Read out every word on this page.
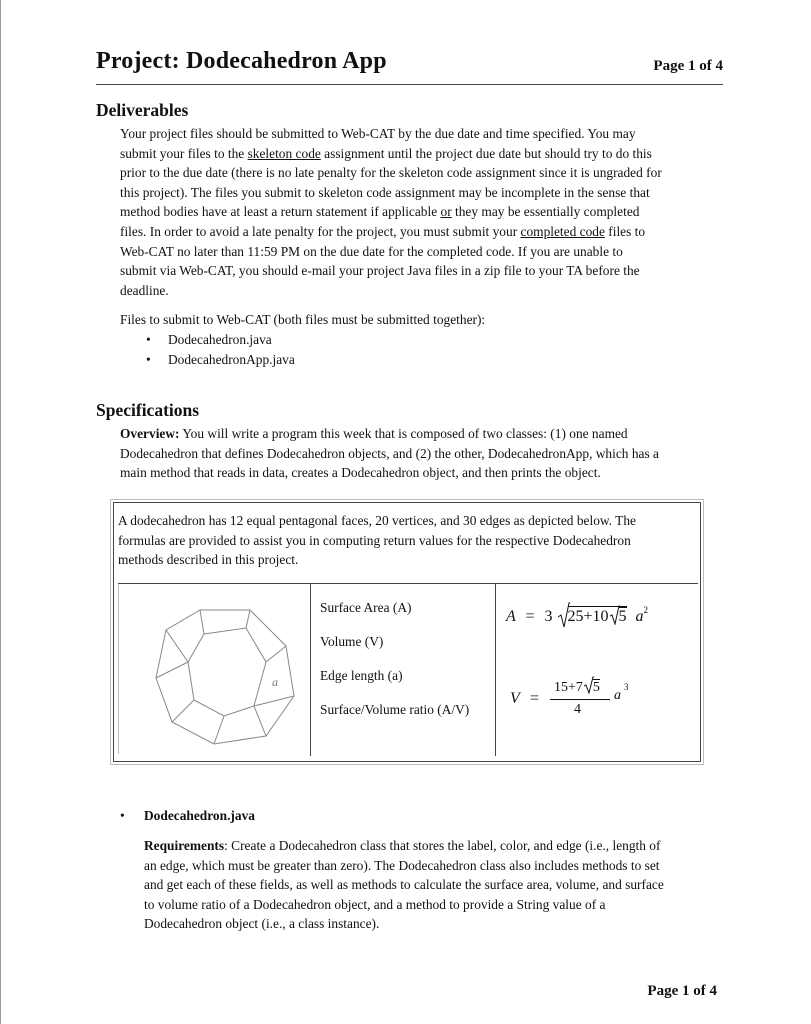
Project: Dodecahedron App	Page 1 of 4
Deliverables
Your project files should be submitted to Web-CAT by the due date and time specified. You may
submit your files to the skeleton code assignment until the project due date but should try to do this
prior to the due date (there is no late penalty for the skeleton code assignment since it is ungraded for
this project). The files you submit to skeleton code assignment may be incomplete in the sense that
method bodies have at least a return statement if applicable or they may be essentially completed
files. In order to avoid a late penalty for the project, you must submit your completed code files to
Web-CAT no later than 11:59 PM on the due date for the completed code. If you are unable to
submit via Web-CAT, you should e-mail your project Java files in a zip file to your TA before the
deadline.
Files to submit to Web-CAT (both files must be submitted together):
• Dodecahedron.java
• DodecahedronApp.java
Specifications
Overview: You will write a program this week that is composed of two classes: (1) one named
Dodecahedron that defines Dodecahedron objects, and (2) the other, DodecahedronApp, which has a
main method that reads in data, creates a Dodecahedron object, and then prints the object.
A dodecahedron has 12 equal pentagonal faces, 20 vertices, and 30 edges as depicted below. The
formulas are provided to assist you in computing return values for the respective Dodecahedron
methods described in this project.
a
Surface Area (A)
Volume (V)
Edge length (a)
Surface/Volume ratio (A/V)
A = 3 25+10 5 $a^2$
V =
15+7 5
4
a
3
Dodecahedron.java
Requirements: Create a Dodecahedron class that stores the label, color, and edge (i.e., length of
an edge, which must be greater than zero). The Dodecahedron class also includes methods to set
and get each of these fields, as well as methods to calculate the surface area, volume, and surface
to volume ratio of a Dodecahedron object, and a method to provide a String value of a
Dodecahedron object (i.e., a class instance).
Page 1 of 4
